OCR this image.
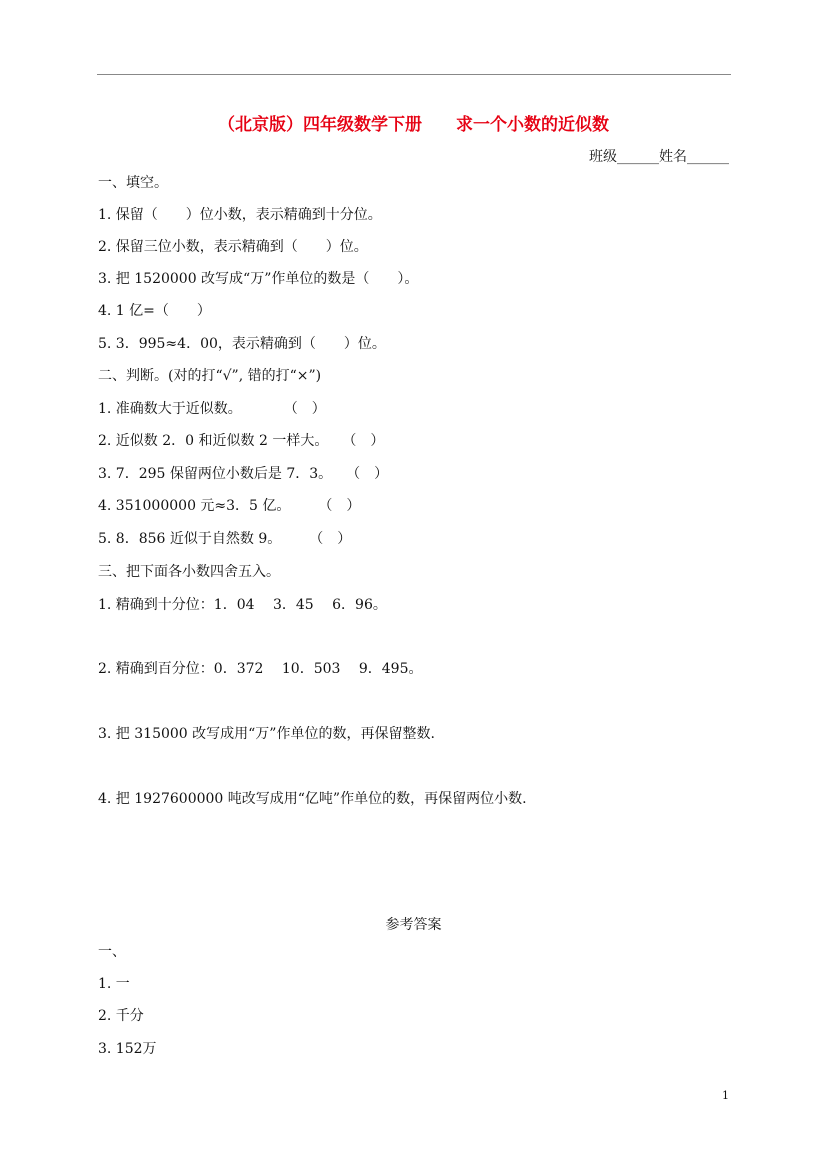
（北京版）四年级数学下册　　求一个小数的近似数
班级______姓名______
一、填空。
1. 保留（　　）位小数，表示精确到十分位。
2. 保留三位小数，表示精确到（　　）位。
3. 把 1520000 改写成“万”作单位的数是（　　）。
4. 1 亿=（　　）
5. 3．995≈4．00，表示精确到（　　）位。
二、判断。(对的打“√”, 错的打“×”)
1. 准确数大于近似数。　　　　（　）
2. 近似数 2．0 和近似数 2 一样大。　　（　）
3. 7．295 保留两位小数后是 7．3。　　（　）
4. 351000000 元≈3．5 亿。　　　（　）
5. 8．856 近似于自然数 9。　　　（　）
三、把下面各小数四舍五入。
1. 精确到十分位：1．04　 3．45　 6．96。
2. 精确到百分位：0．372　 10．503　 9．495。
3. 把 315000 改写成用“万”作单位的数，再保留整数.
4. 把 1927600000 吨改写成用“亿吨”作单位的数，再保留两位小数.
参考答案
一、
1. 一
2. 千分
3. 152万
1
